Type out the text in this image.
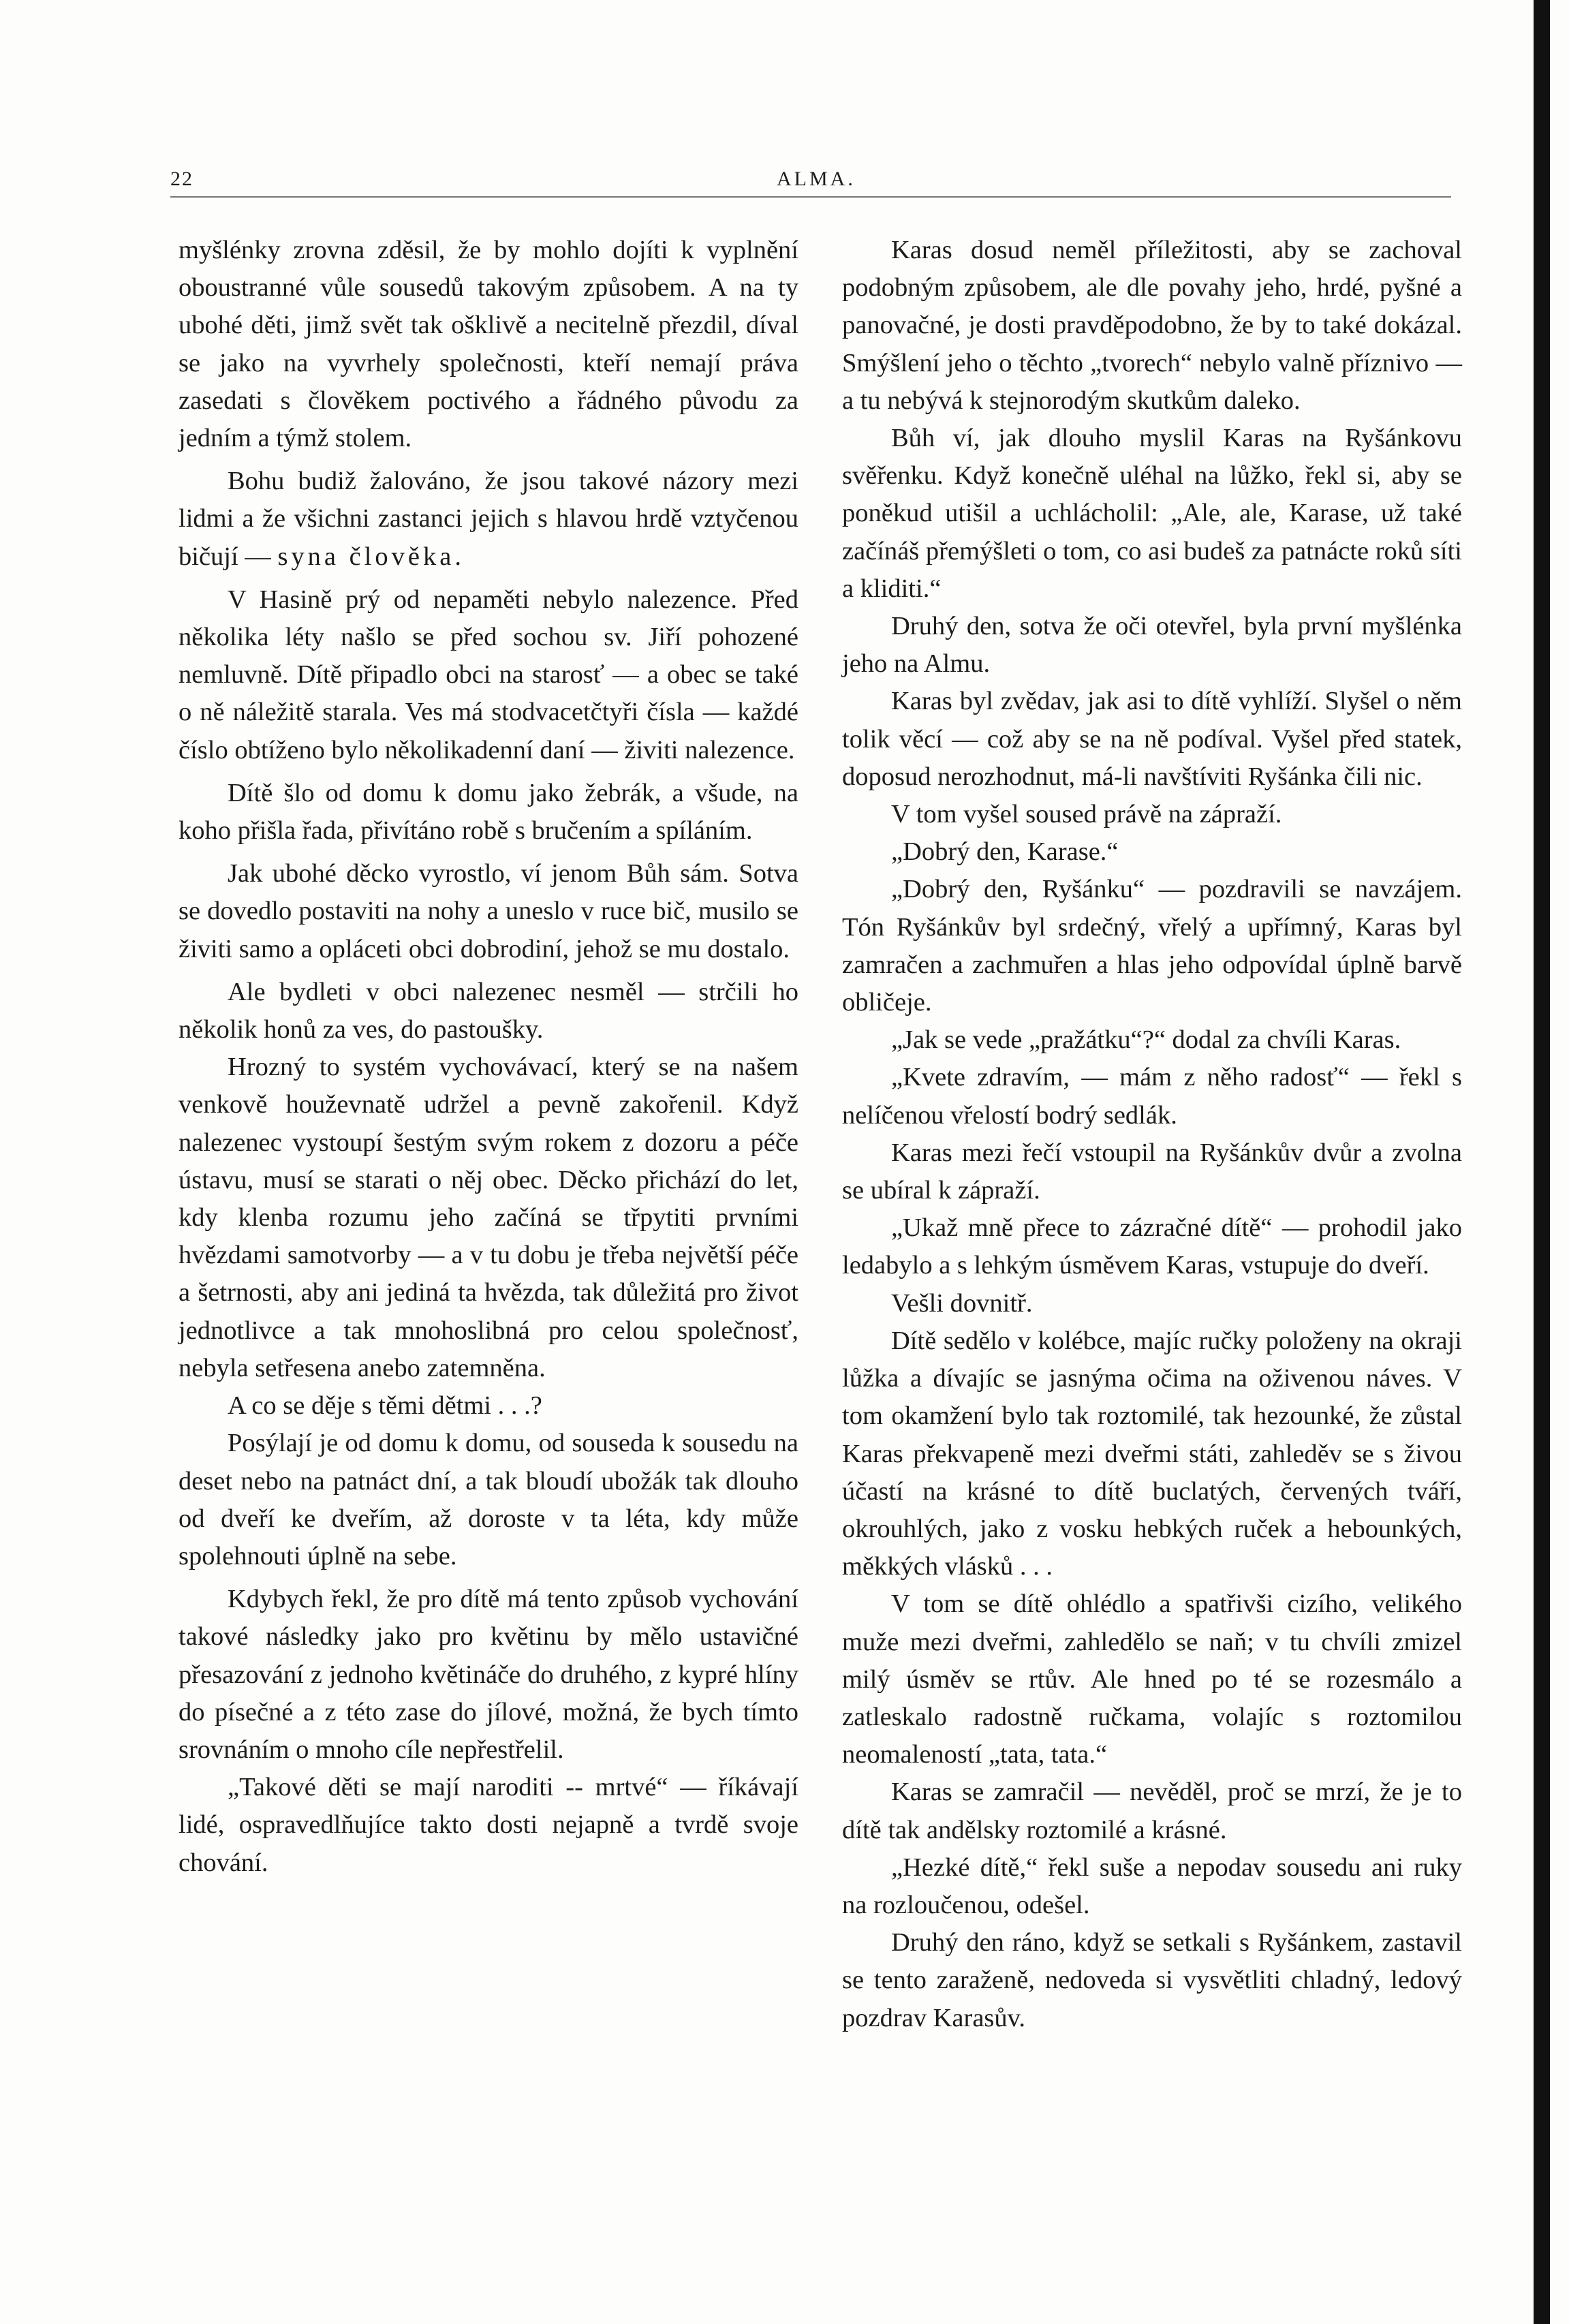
22	ALMA.

myšlénky zrovna zděsil, že by mohlo dojíti k vyplnění oboustranné vůle sousedů takovým způsobem. A na ty ubohé děti, jimž svět tak ošklivě a necitelně přezdil, díval se jako na vyvrhely společnosti, kteří nemají práva zasedati s člověkem poctivého a řádného původu za jedním a týmž stolem.

Bohu budiž žalováno, že jsou takové názory mezi lidmi a že všichni zastanci jejich s hlavou hrdě vztyčenou bičují — syna člověka.

V Hasině prý od nepaměti nebylo nalezence. Před několika léty našlo se před sochou sv. Jiří pohozené nemluvně. Dítě připadlo obci na starosť — a obec se také o ně náležitě starala. Ves má stodvacetčtyři čísla — každé číslo obtíženo bylo několikadenní daní — živiti nalezence.

Dítě šlo od domu k domu jako žebrák, a všude, na koho přišla řada, přivítáno robě s bručením a spíláním.

Jak ubohé děcko vyrostlo, ví jenom Bůh sám. Sotva se dovedlo postaviti na nohy a uneslo v ruce bič, musilo se živiti samo a opláceti obci dobrodiní, jehož se mu dostalo.

Ale bydleti v obci nalezenec nesměl — strčili ho několik honů za ves, do pastoušky.

Hrozný to systém vychovávací, který se na našem venkově houževnatě udržel a pevně zakořenil. Když nalezenec vystoupí šestým svým rokem z dozoru a péče ústavu, musí se starati o něj obec. Děcko přichází do let, kdy klenba rozumu jeho začíná se třpytiti prvními hvězdami samotvorby — a v tu dobu je třeba největší péče a šetrnosti, aby ani jediná ta hvězda, tak důležitá pro život jednotlivce a tak mnohoslibná pro celou společnosť, nebyla setřesena anebo zatemněna.

A co se děje s těmi dětmi . . .?

Posýlají je od domu k domu, od souseda k sousedu na deset nebo na patnáct dní, a tak bloudí ubožák tak dlouho od dveří ke dveřím, až doroste v ta léta, kdy může spolehnouti úplně na sebe.

Kdybych řekl, že pro dítě má tento způsob vychování takové následky jako pro květinu by mělo ustavičné přesazování z jednoho květináče do druhého, z kypré hlíny do písečné a z této zase do jílové, možná, že bych tímto srovnáním o mnoho cíle nepřestřelil.

„Takové děti se mají naroditi -- mrtvé“ — říkávají lidé, ospravedlňujíce takto dosti nejapně a tvrdě svoje chování.

Karas dosud neměl příležitosti, aby se zachoval podobným způsobem, ale dle povahy jeho, hrdé, pyšné a panovačné, je dosti pravděpodobno, že by to také dokázal. Smýšlení jeho o těchto „tvorech“ nebylo valně příznivo — a tu nebývá k stejnorodým skutkům daleko.

Bůh ví, jak dlouho myslil Karas na Ryšánkovu svěřenku. Když konečně uléhal na lůžko, řekl si, aby se poněkud utišil a uchlácholil: „Ale, ale, Karase, už také začínáš přemýšleti o tom, co asi budeš za patnácte roků síti a kliditi.“

Druhý den, sotva že oči otevřel, byla první myšlénka jeho na Almu.

Karas byl zvědav, jak asi to dítě vyhlíží. Slyšel o něm tolik věcí — což aby se na ně podíval. Vyšel před statek, doposud nerozhodnut, má-li navštíviti Ryšánka čili nic.

V tom vyšel soused právě na zápraží.

„Dobrý den, Karase.“

„Dobrý den, Ryšánku“ — pozdravili se navzájem. Tón Ryšánkův byl srdečný, vřelý a upřímný, Karas byl zamračen a zachmuřen a hlas jeho odpovídal úplně barvě obličeje.

„Jak se vede „pražátku“?“ dodal za chvíli Karas.

„Kvete zdravím, — mám z něho radosť“ — řekl s nelíčenou vřelostí bodrý sedlák.

Karas mezi řečí vstoupil na Ryšánkův dvůr a zvolna se ubíral k zápraží.

„Ukaž mně přece to zázračné dítě“ — prohodil jako ledabylo a s lehkým úsměvem Karas, vstupuje do dveří.

Vešli dovnitř.

Dítě sedělo v kolébce, majíc ručky položeny na okraji lůžka a dívajíc se jasnýma očima na oživenou náves. V tom okamžení bylo tak roztomilé, tak hezounké, že zůstal Karas překvapeně mezi dveřmi státi, zahleděv se s živou účastí na krásné to dítě buclatých, červených tváří, okrouhlých, jako z vosku hebkých ruček a hebounkých, měkkých vlásků . . .

V tom se dítě ohlédlo a spatřivši cizího, velikého muže mezi dveřmi, zahledělo se naň; v tu chvíli zmizel milý úsměv se rtův. Ale hned po té se rozesmálo a zatleskalo radostně ručkama, volajíc s roztomilou neomaleností „tata, tata.“

Karas se zamračil — nevěděl, proč se mrzí, že je to dítě tak andělsky roztomilé a krásné.

„Hezké dítě,“ řekl suše a nepodav sousedu ani ruky na rozloučenou, odešel.

Druhý den ráno, když se setkali s Ryšánkem, zastavil se tento zaraženě, nedoveda si vysvětliti chladný, ledový pozdrav Karasův.
